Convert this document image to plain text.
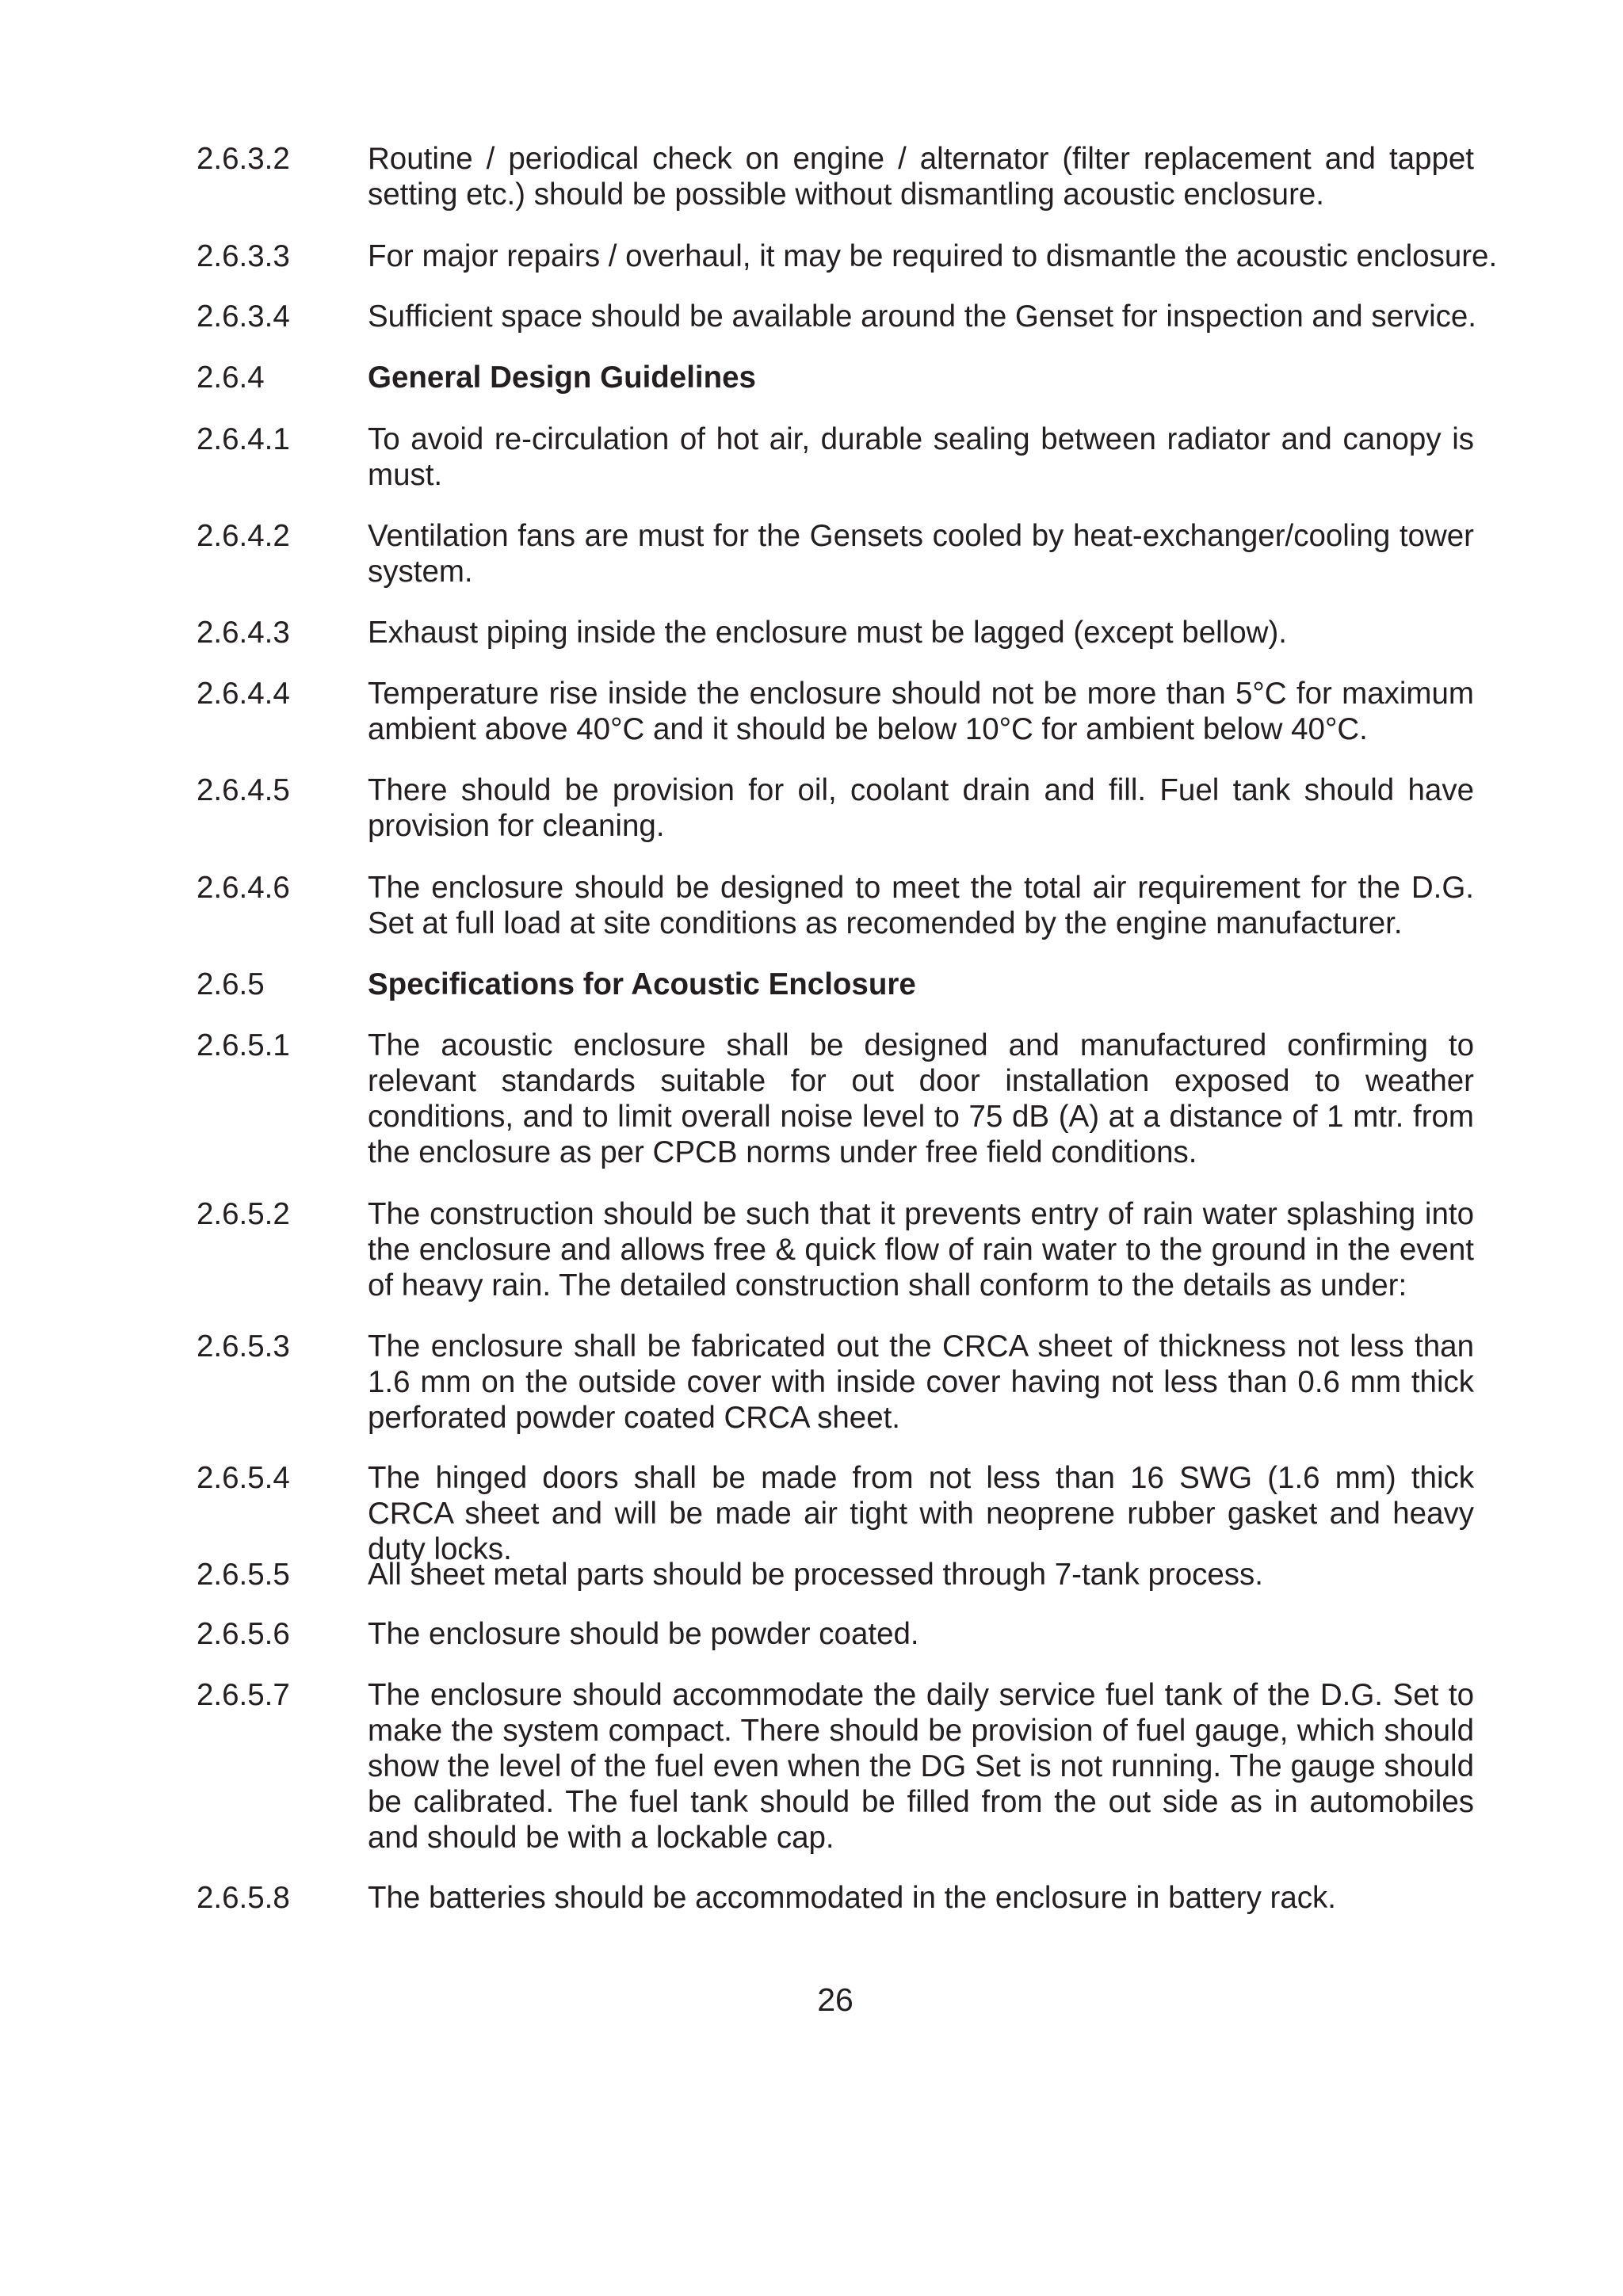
2.6.3.2	Routine / periodical check on engine / alternator (filter replacement and tappet setting etc.) should be possible without dismantling acoustic enclosure.
2.6.3.3	For major repairs / overhaul, it may be required to dismantle the acoustic enclosure.
2.6.3.4	Sufficient space should be available around the Genset for inspection and service.
2.6.4	General Design Guidelines
2.6.4.1	To avoid re-circulation of hot air, durable sealing between radiator and canopy is must.
2.6.4.2	Ventilation fans are must for the Gensets cooled by heat-exchanger/cooling tower system.
2.6.4.3	Exhaust piping inside the enclosure must be lagged (except bellow).
2.6.4.4	Temperature rise inside the enclosure should not be more than 5°C for maximum ambient above 40°C and it should be below 10°C for ambient below 40°C.
2.6.4.5	There should be provision for oil, coolant drain and fill. Fuel tank should have provision for cleaning.
2.6.4.6	The enclosure should be designed to meet the total air requirement for the D.G. Set at full load at site conditions as recomended by the engine manufacturer.
2.6.5	Specifications for Acoustic Enclosure
2.6.5.1	The acoustic enclosure shall be designed and manufactured confirming to relevant standards suitable for out door installation exposed to weather conditions, and to limit overall noise level to 75 dB (A) at a distance of 1 mtr. from the enclosure as per CPCB norms under free field conditions.
2.6.5.2	The construction should be such that it prevents entry of rain water splashing into the enclosure and allows free & quick flow of rain water to the ground in the event of heavy rain. The detailed construction shall conform to the details as under:
2.6.5.3	The enclosure shall be fabricated out the CRCA sheet of thickness not less than 1.6 mm on the outside cover with inside cover having not less than 0.6 mm thick perforated powder coated CRCA sheet.
2.6.5.4	The hinged doors shall be made from not less than 16 SWG (1.6 mm) thick CRCA sheet and will be made air tight with neoprene rubber gasket and heavy duty locks.
2.6.5.5	All sheet metal parts should be processed through 7-tank process.
2.6.5.6	The enclosure should be powder coated.
2.6.5.7	The enclosure should accommodate the daily service fuel tank of the D.G. Set to make the system compact. There should be provision of fuel gauge, which should show the level of the fuel even when the DG Set is not running. The gauge should be calibrated. The fuel tank should be filled from the out side as in automobiles and should be with a lockable cap.
2.6.5.8	The batteries should be accommodated in the enclosure in battery rack.
26
